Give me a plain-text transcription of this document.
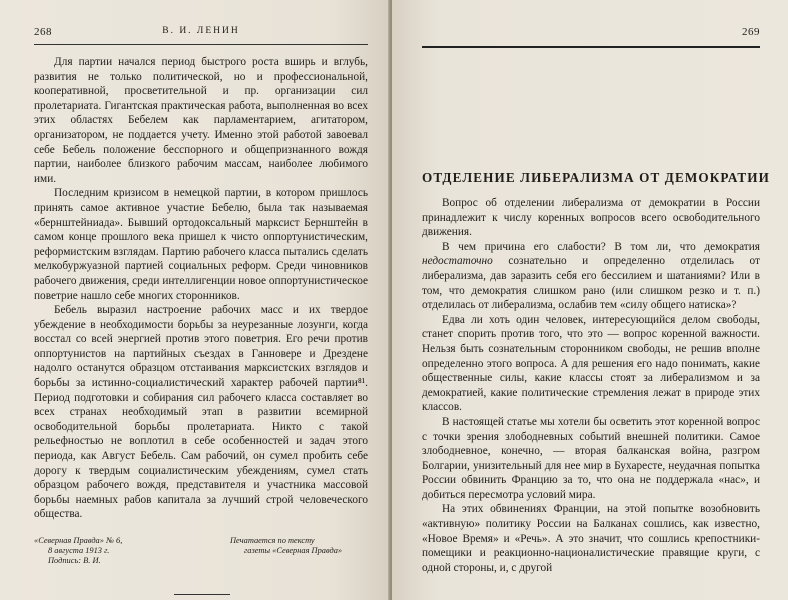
268	В. И. ЛЕНИН

Для партии начался период быстрого роста вширь и вглубь, развития не только политической, но и профессиональной, кооперативной, просветительной и пр. организации сил пролетариата. Гигантская практическая работа, выполненная во всех этих областях Бебелем как парламентарием, агитатором, организатором, не поддается учету. Именно этой работой завоевал себе Бебель положение бесспорного и общепризнанного вождя партии, наиболее близкого рабочим массам, наиболее любимого ими.

Последним кризисом в немецкой партии, в котором пришлось принять самое активное участие Бебелю, была так называемая «бернштейниада». Бывший ортодоксальный марксист Бернштейн в самом конце прошлого века пришел к чисто оппортунистическим, реформистским взглядам. Партию рабочего класса пытались сделать мелкобуржуазной партией социальных реформ. Среди чиновников рабочего движения, среди интеллигенции новое оппортунистическое поветрие нашло себе многих сторонников.

Бебель выразил настроение рабочих масс и их твердое убеждение в необходимости борьбы за неурезанные лозунги, когда восстал со всей энергией против этого поветрия. Его речи против оппортунистов на партийных съездах в Ганновере и Дрездене надолго останутся образцом отстаивания марксистских взглядов и борьбы за истинно-социалистический характер рабочей партии⁸¹. Период подготовки и собирания сил рабочего класса составляет во всех странах необходимый этап в развитии всемирной освободительной борьбы пролетариата. Никто с такой рельефностью не воплотил в себе особенностей и задач этого периода, как Август Бебель. Сам рабочий, он сумел пробить себе дорогу к твердым социалистическим убеждениям, сумел стать образцом рабочего вождя, представителя и участника массовой борьбы наемных рабов капитала за лучший строй человеческого общества.

«Северная Правда» № 6,
8 августа 1913 г.
Подпись: В. И.
Печатается по тексту
газеты «Северная Правда»
269
ОТДЕЛЕНИЕ ЛИБЕРАЛИЗМА ОТ ДЕМОКРАТИИ

Вопрос об отделении либерализма от демократии в России принадлежит к числу коренных вопросов всего освободительного движения.

В чем причина его слабости? В том ли, что демократия недостаточно сознательно и определенно отделилась от либерализма, дав заразить себя его бессилием и шатаниями? Или в том, что демократия слишком рано (или слишком резко и т. п.) отделилась от либерализма, ослабив тем «силу общего натиска»?

Едва ли хоть один человек, интересующийся делом свободы, станет спорить против того, что это — вопрос коренной важности. Нельзя быть сознательным сторонником свободы, не решив вполне определенно этого вопроса. А для решения его надо понимать, какие общественные силы, какие классы стоят за либерализмом и за демократией, какие политические стремления лежат в природе этих классов.

В настоящей статье мы хотели бы осветить этот коренной вопрос с точки зрения злободневных событий внешней политики. Самое злободневное, конечно, — вторая балканская война, разгром Болгарии, унизительный для нее мир в Бухаресте, неудачная попытка России обвинить Францию за то, что она не поддержала «нас», и добиться пересмотра условий мира.

На этих обвинениях Франции, на этой попытке возобновить «активную» политику России на Балканах сошлись, как известно, «Новое Время» и «Речь». А это значит, что сошлись крепостники-помещики и реакционно-националистические правящие круги, с одной стороны, и, с другой
